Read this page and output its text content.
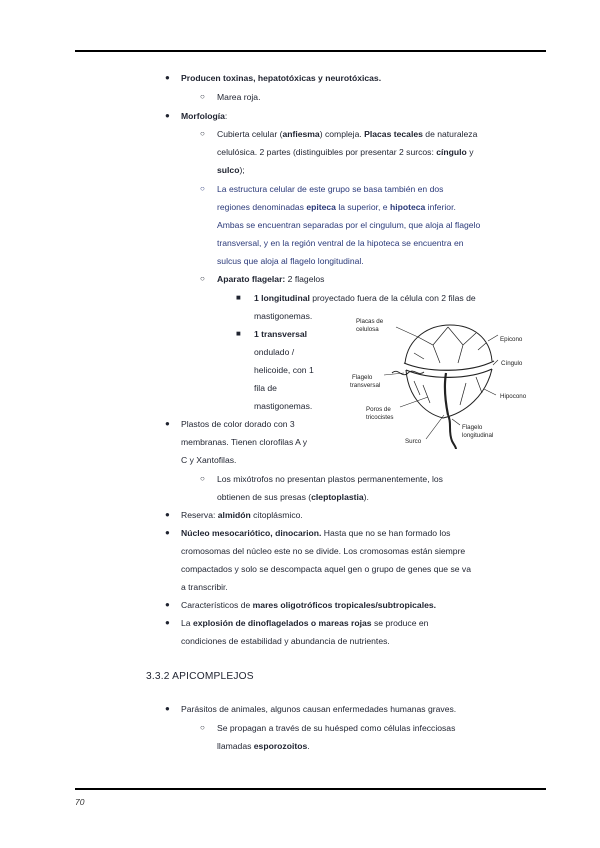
● Producen toxinas, hepatotóxicas y neurotóxicas.
○ Marea roja.
● Morfología:
○ Cubierta celular (anfiesma) compleja. Placas tecales de naturaleza
celulósica. 2 partes (distinguibles por presentar 2 surcos: cíngulo y
sulco);
○ La estructura celular de este grupo se basa también en dos
regiones denominadas epiteca la superior, e hipoteca inferior.
Ambas se encuentran separadas por el cingulum, que aloja al flagelo
transversal, y en la región ventral de la hipoteca se encuentra en
sulcus que aloja al flagelo longitudinal.
○ Aparato flagelar: 2 flagelos
■ 1 longitudinal proyectado fuera de la célula con 2 filas de
mastigonemas.
■ 1 transversal
ondulado /
helicoide, con 1
fila de
mastigonemas.
● Plastos de color dorado con 3
membranas. Tienen clorofilas A y
C y Xantofilas.
○ Los mixótrofos no presentan plastos permanentemente, los
obtienen de sus presas (cleptoplastia).
● Reserva: almidón citoplásmico.
● Núcleo mesocariótico, dinocarion. Hasta que no se han formado los
cromosomas del núcleo este no se divide. Los cromosomas están siempre
compactados y solo se descompacta aquel gen o grupo de genes que se va
a transcribir.
● Característicos de mares oligotróficos tropicales/subtropicales.
● La explosión de dinoflagelados o mareas rojas se produce en
condiciones de estabilidad y abundancia de nutrientes.
3.3.2 APICOMPLEJOS
● Parásitos de animales, algunos causan enfermedades humanas graves.
○ Se propagan a través de su huésped como células infecciosas
llamadas esporozoitos.
Placas de
celulosa
Epicono
Cíngulo
Hipocono
Flagelo
transversal
Poros de
tricocistes
Surco
Flagelo
longitudinal
70
